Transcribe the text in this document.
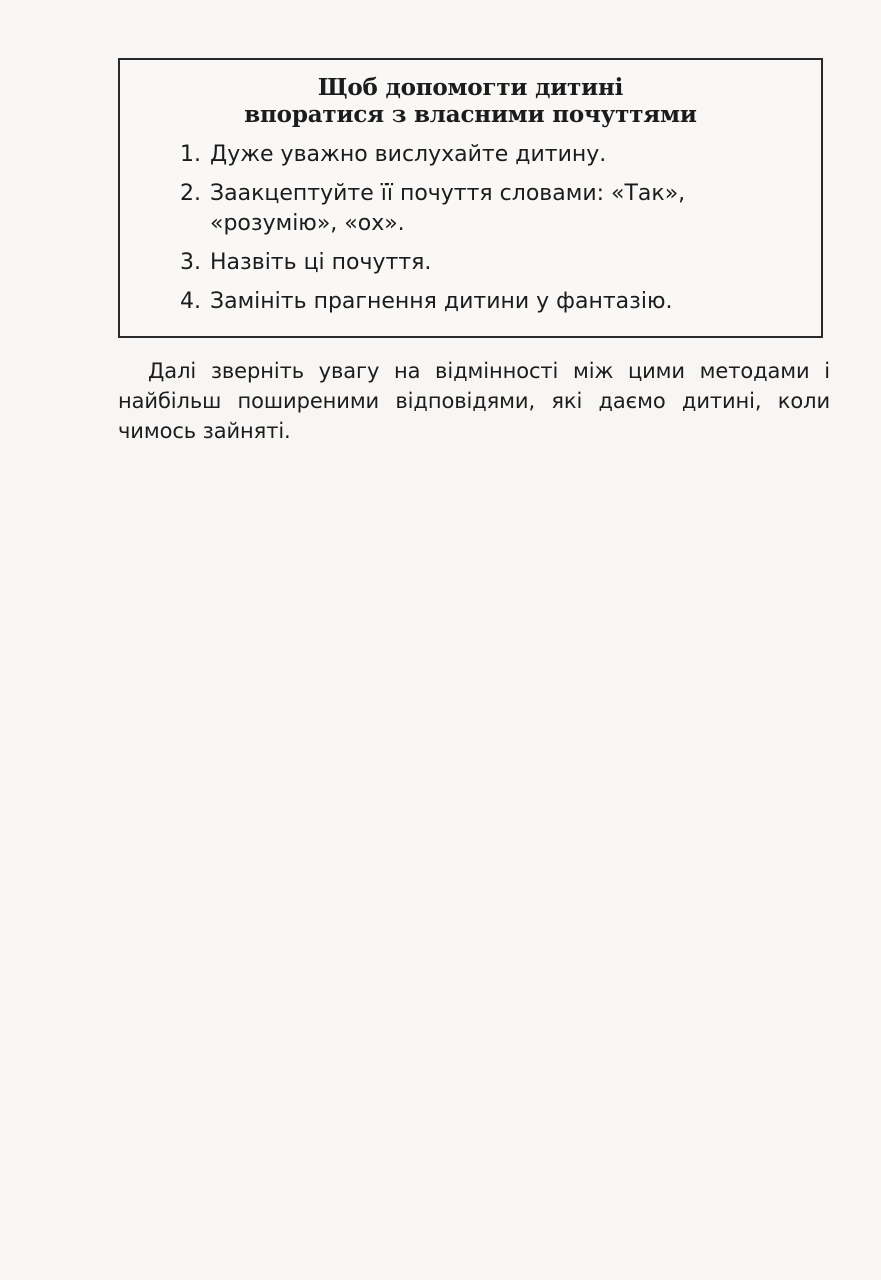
Щоб допомогти дитині
впоратися з власними почуттями
1. Дуже уважно вислухайте дитину.
2. Заакцептуйте її почуття словами: «Так», «розумію», «ох».
3. Назвіть ці почуття.
4. Замініть прагнення дитини у фантазію.

Далі зверніть увагу на відмінності між цими методами і найбільш поширеними відповідями, які даємо дитині, коли чимось зайняті.
